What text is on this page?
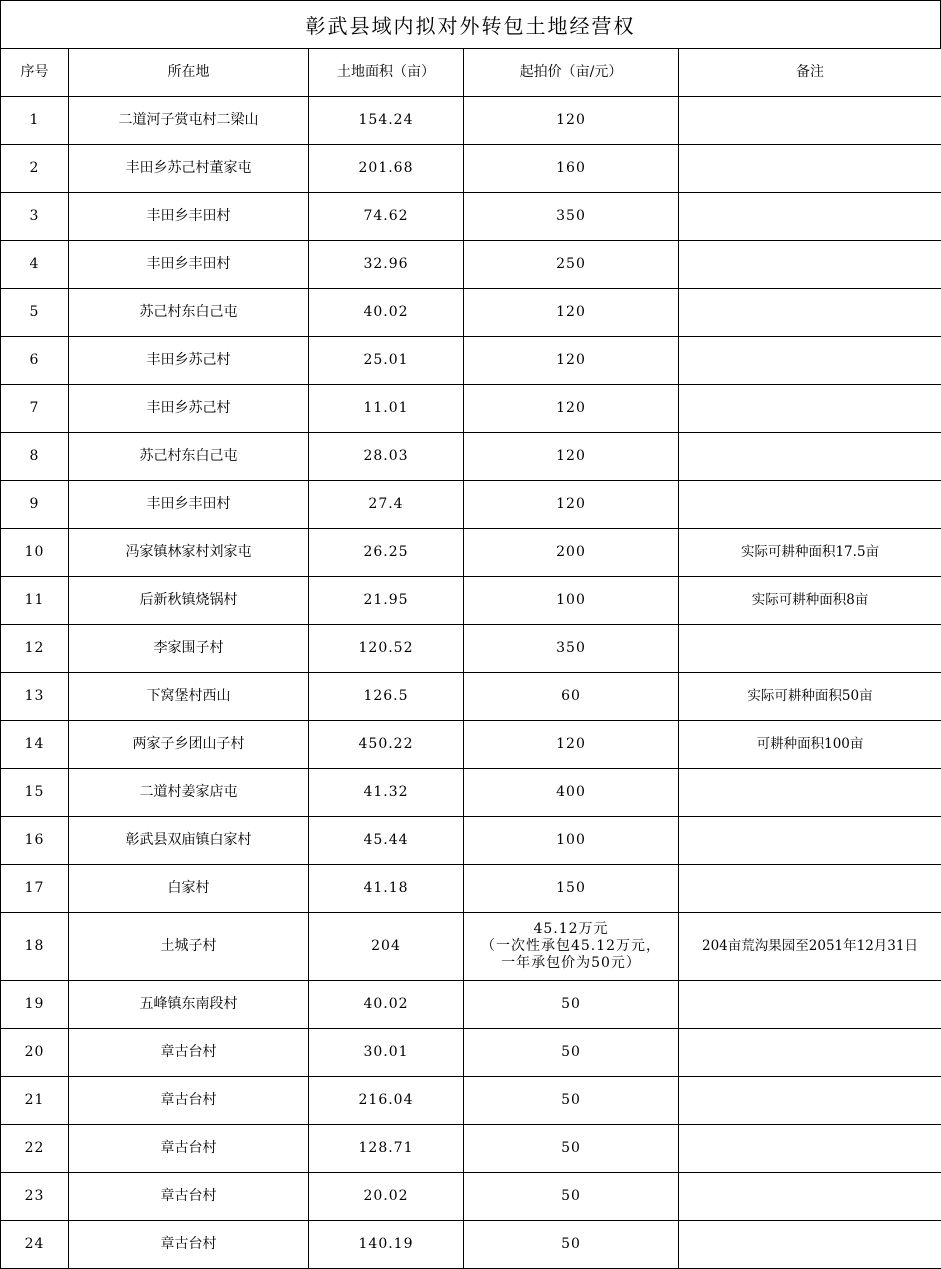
彰武县域内拟对外转包土地经营权
序号	所在地	土地面积（亩）	起拍价（亩/元）	备注
1	二道河子赏屯村二梁山	154.24	120	
2	丰田乡苏己村董家屯	201.68	160	
3	丰田乡丰田村	74.62	350	
4	丰田乡丰田村	32.96	250	
5	苏己村东白己屯	40.02	120	
6	丰田乡苏己村	25.01	120	
7	丰田乡苏己村	11.01	120	
8	苏己村东白己屯	28.03	120	
9	丰田乡丰田村	27.4	120	
10	冯家镇林家村刘家屯	26.25	200	实际可耕种面积17.5亩
11	后新秋镇烧锅村	21.95	100	实际可耕种面积8亩
12	李家围子村	120.52	350	
13	下窝堡村西山	126.5	60	实际可耕种面积50亩
14	两家子乡团山子村	450.22	120	可耕种面积100亩
15	二道村姜家店屯	41.32	400	
16	彰武县双庙镇白家村	45.44	100	
17	白家村	41.18	150	
18	土城子村	204	45.12万元
（一次性承包45.12万元，
一年承包价为50元）	204亩荒沟果园至2051年12月31日
19	五峰镇东南段村	40.02	50	
20	章古台村	30.01	50	
21	章古台村	216.04	50	
22	章古台村	128.71	50	
23	章古台村	20.02	50	
24	章古台村	140.19	50	
